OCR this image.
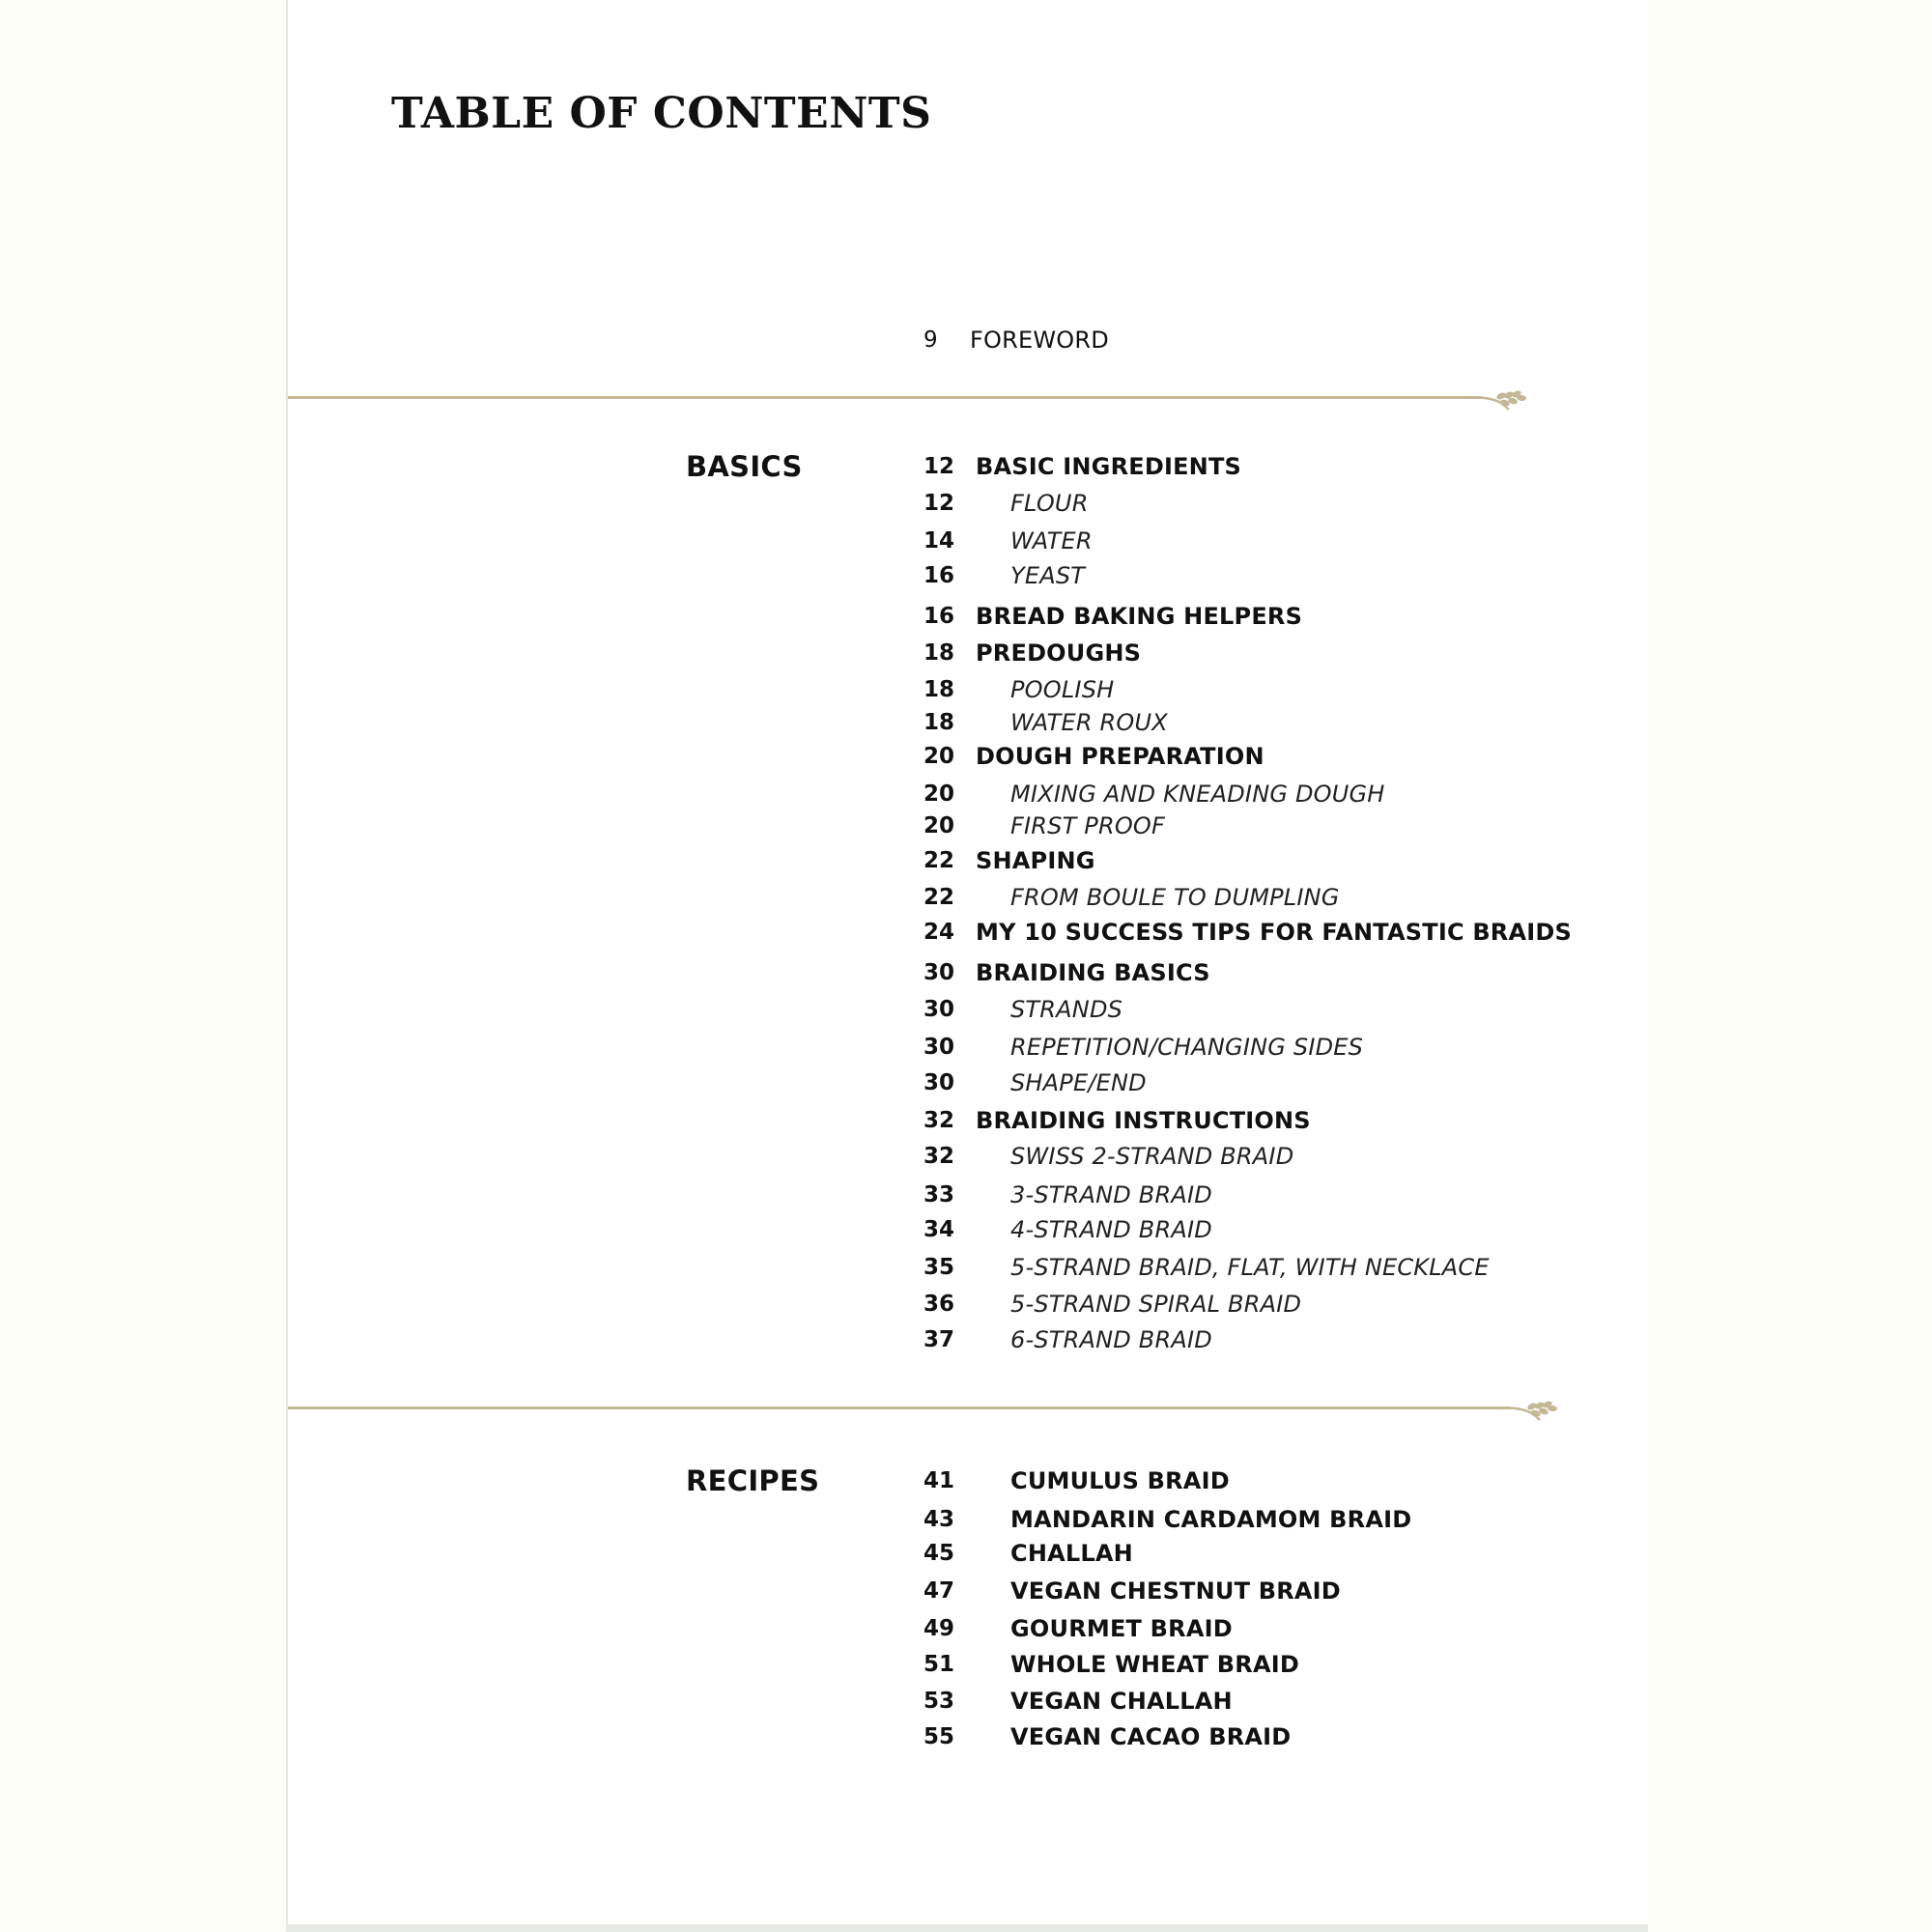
TABLE OF CONTENTS
9 FOREWORD
BASICS	12 BASIC INGREDIENTS
12 FLOUR
14 WATER
16 YEAST
16 BREAD BAKING HELPERS
18 PREDOUGHS
18 POOLISH
18 WATER ROUX
20 DOUGH PREPARATION
20 MIXING AND KNEADING DOUGH
20 FIRST PROOF
22 SHAPING
22 FROM BOULE TO DUMPLING
24 MY 10 SUCCESS TIPS FOR FANTASTIC BRAIDS
30 BRAIDING BASICS
30 STRANDS
30 REPETITION/CHANGING SIDES
30 SHAPE/END
32 BRAIDING INSTRUCTIONS
32 SWISS 2-STRAND BRAID
33 3-STRAND BRAID
34 4-STRAND BRAID
35 5-STRAND BRAID, FLAT, WITH NECKLACE
36 5-STRAND SPIRAL BRAID
37 6-STRAND BRAID
RECIPES	41 CUMULUS BRAID
43 MANDARIN CARDAMOM BRAID
45 CHALLAH
47 VEGAN CHESTNUT BRAID
49 GOURMET BRAID
51 WHOLE WHEAT BRAID
53 VEGAN CHALLAH
55 VEGAN CACAO BRAID
